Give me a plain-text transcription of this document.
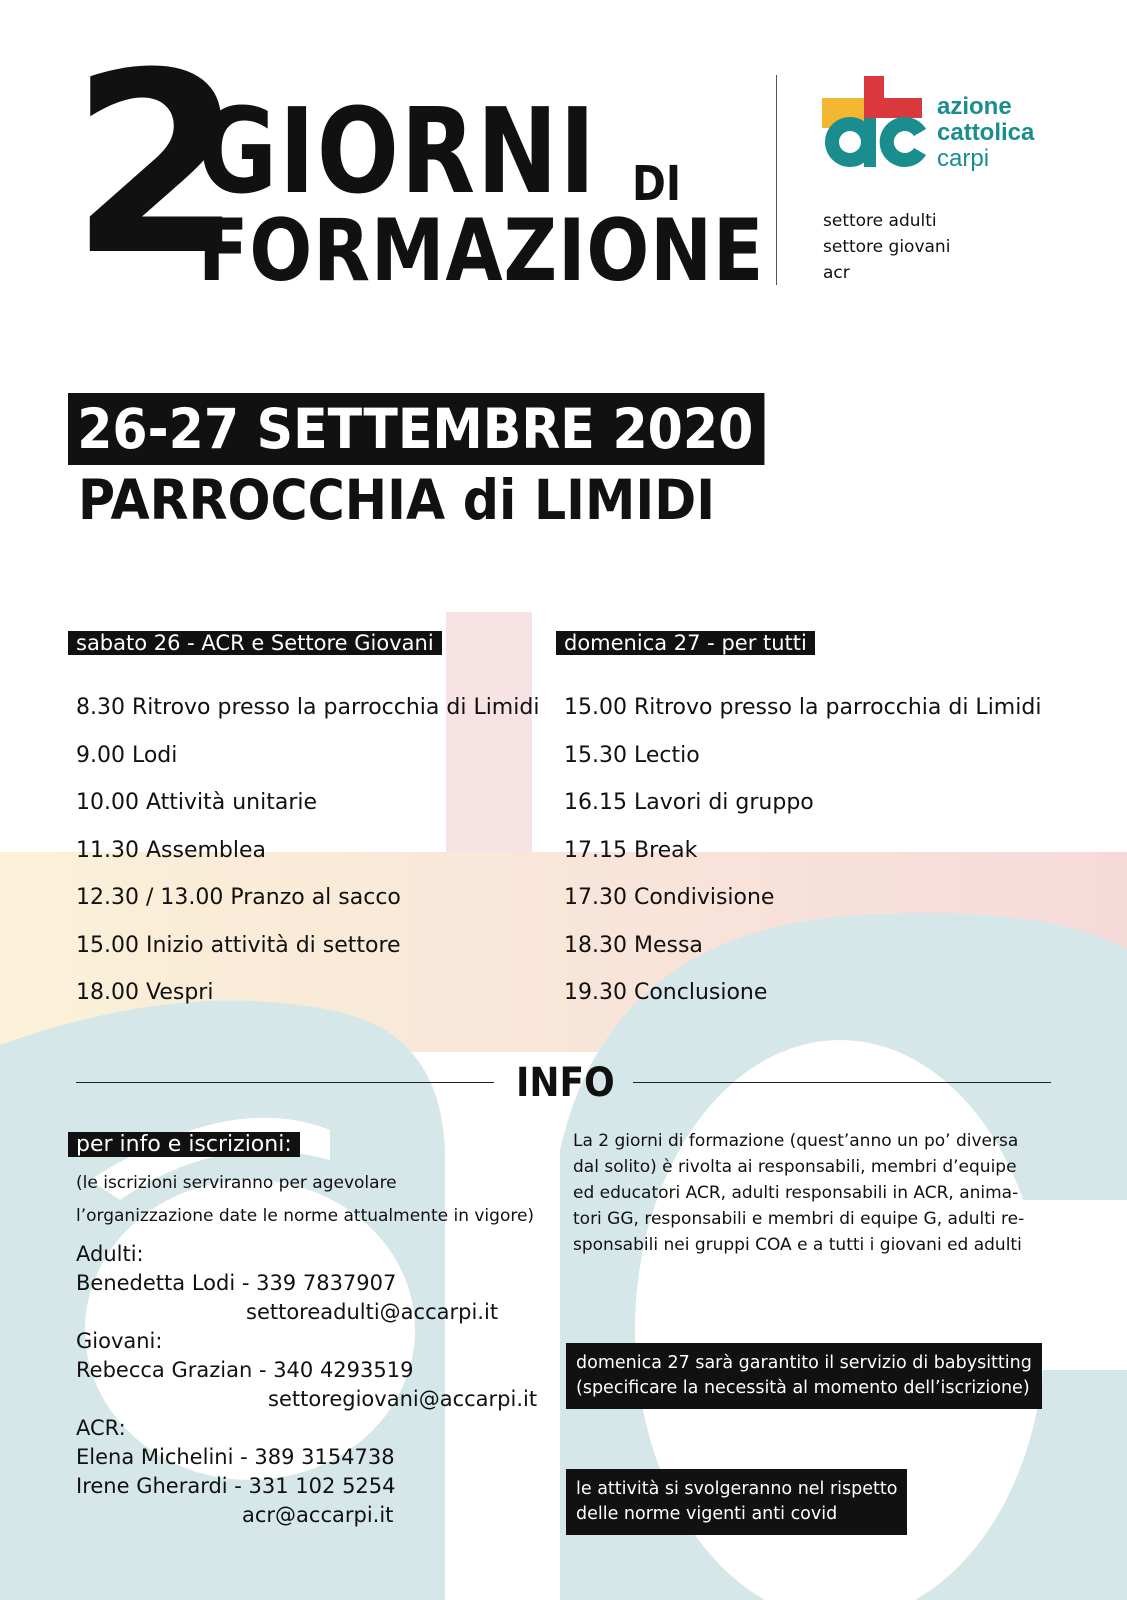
2
GIORNI DI
FORMAZIONE
azione
cattolica
carpi
settore adulti
settore giovani
acr
26-27 SETTEMBRE 2020
PARROCCHIA di LIMIDI
sabato 26 - ACR e Settore Giovani	domenica 27 - per tutti
8.30 Ritrovo presso la parrocchia di Limidi
9.00 Lodi
10.00 Attività unitarie
11.30 Assemblea
12.30 / 13.00 Pranzo al sacco
15.00 Inizio attività di settore
18.00 Vespri
15.00 Ritrovo presso la parrocchia di Limidi
15.30 Lectio
16.15 Lavori di gruppo
17.15 Break
17.30 Condivisione
18.30 Messa
19.30 Conclusione
INFO
per info e iscrizioni:
(le iscrizioni serviranno per agevolare
l’organizzazione date le norme attualmente in vigore)
Adulti:
Benedetta Lodi - 339 7837907
settoreadulti@accarpi.it
Giovani:
Rebecca Grazian - 340 4293519
settoregiovani@accarpi.it
ACR:
Elena Michelini - 389 3154738
Irene Gherardi - 331 102 5254
acr@accarpi.it
La 2 giorni di formazione (quest’anno un po’ diversa
dal solito) è rivolta ai responsabili, membri d’equipe
ed educatori ACR, adulti responsabili in ACR, anima-
tori GG, responsabili e membri di equipe G, adulti re-
sponsabili nei gruppi COA e a tutti i giovani ed adulti
domenica 27 sarà garantito il servizio di babysitting
(specificare la necessità al momento dell’iscrizione)
le attività si svolgeranno nel rispetto
delle norme vigenti anti covid
